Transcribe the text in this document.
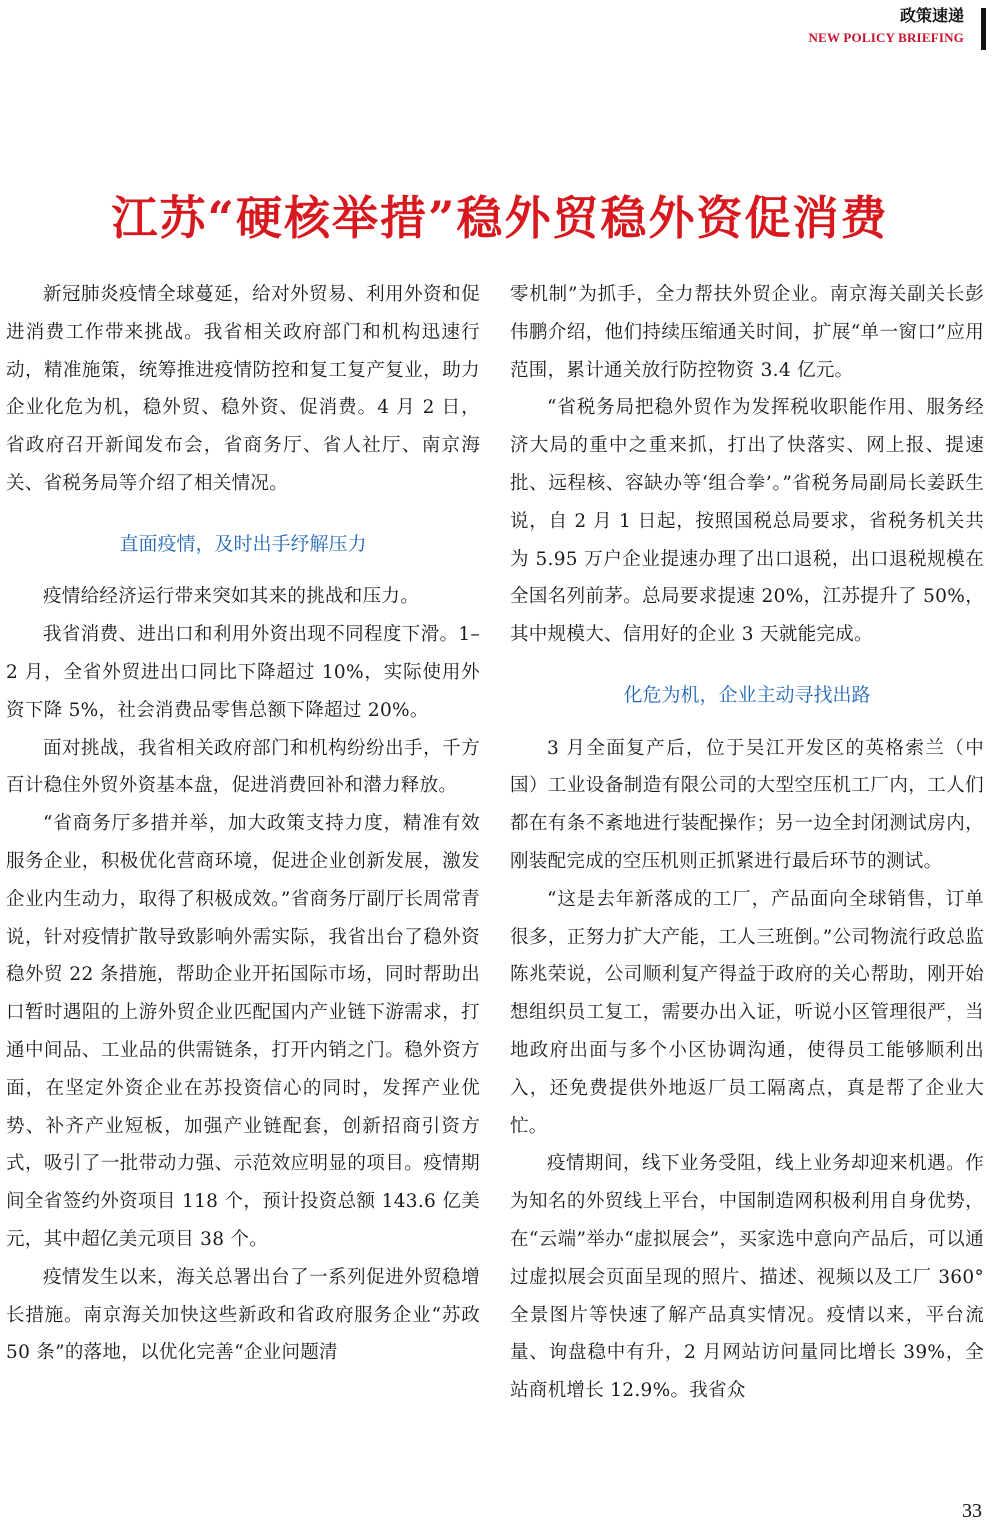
政策速递
NEW POLICY BRIEFING
江苏“硬核举措”稳外贸稳外资促消费

新冠肺炎疫情全球蔓延，给对外贸易、利用外资和促进消费工作带来挑战。我省相关政府部门和机构迅速行动，精准施策，统筹推进疫情防控和复工复产复业，助力企业化危为机，稳外贸、稳外资、促消费。4 月 2 日，省政府召开新闻发布会，省商务厅、省人社厅、南京海关、省税务局等介绍了相关情况。

直面疫情，及时出手纾解压力

疫情给经济运行带来突如其来的挑战和压力。

我省消费、进出口和利用外资出现不同程度下滑。1–2 月，全省外贸进出口同比下降超过 10%，实际使用外资下降 5%，社会消费品零售总额下降超过 20%。

面对挑战，我省相关政府部门和机构纷纷出手，千方百计稳住外贸外资基本盘，促进消费回补和潜力释放。

“省商务厅多措并举，加大政策支持力度，精准有效服务企业，积极优化营商环境，促进企业创新发展，激发企业内生动力，取得了积极成效。”省商务厅副厅长周常青说，针对疫情扩散导致影响外需实际，我省出台了稳外资稳外贸 22 条措施，帮助企业开拓国际市场，同时帮助出口暂时遇阻的上游外贸企业匹配国内产业链下游需求，打通中间品、工业品的供需链条，打开内销之门。稳外资方面，在坚定外资企业在苏投资信心的同时，发挥产业优势、补齐产业短板，加强产业链配套，创新招商引资方式，吸引了一批带动力强、示范效应明显的项目。疫情期间全省签约外资项目 118 个，预计投资总额 143.6 亿美元，其中超亿美元项目 38 个。

疫情发生以来，海关总署出台了一系列促进外贸稳增长措施。南京海关加快这些新政和省政府服务企业“苏政 50 条”的落地，以优化完善“企业问题清

零机制”为抓手，全力帮扶外贸企业。南京海关副关长彭伟鹏介绍，他们持续压缩通关时间，扩展“单一窗口”应用范围，累计通关放行防控物资 3.4 亿元。

“省税务局把稳外贸作为发挥税收职能作用、服务经济大局的重中之重来抓，打出了快落实、网上报、提速批、远程核、容缺办等‘组合拳’。”省税务局副局长姜跃生说，自 2 月 1 日起，按照国税总局要求，省税务机关共为 5.95 万户企业提速办理了出口退税，出口退税规模在全国名列前茅。总局要求提速 20%，江苏提升了 50%，其中规模大、信用好的企业 3 天就能完成。

化危为机，企业主动寻找出路

3 月全面复产后，位于吴江开发区的英格索兰（中国）工业设备制造有限公司的大型空压机工厂内，工人们都在有条不紊地进行装配操作；另一边全封闭测试房内，刚装配完成的空压机则正抓紧进行最后环节的测试。

“这是去年新落成的工厂，产品面向全球销售，订单很多，正努力扩大产能，工人三班倒。”公司物流行政总监陈兆荣说，公司顺利复产得益于政府的关心帮助，刚开始想组织员工复工，需要办出入证，听说小区管理很严，当地政府出面与多个小区协调沟通，使得员工能够顺利出入，还免费提供外地返厂员工隔离点，真是帮了企业大忙。

疫情期间，线下业务受阻，线上业务却迎来机遇。作为知名的外贸线上平台，中国制造网积极利用自身优势，在“云端”举办“虚拟展会”，买家选中意向产品后，可以通过虚拟展会页面呈现的照片、描述、视频以及工厂 360° 全景图片等快速了解产品真实情况。疫情以来，平台流量、询盘稳中有升，2 月网站访问量同比增长 39%，全站商机增长 12.9%。我省众

33
